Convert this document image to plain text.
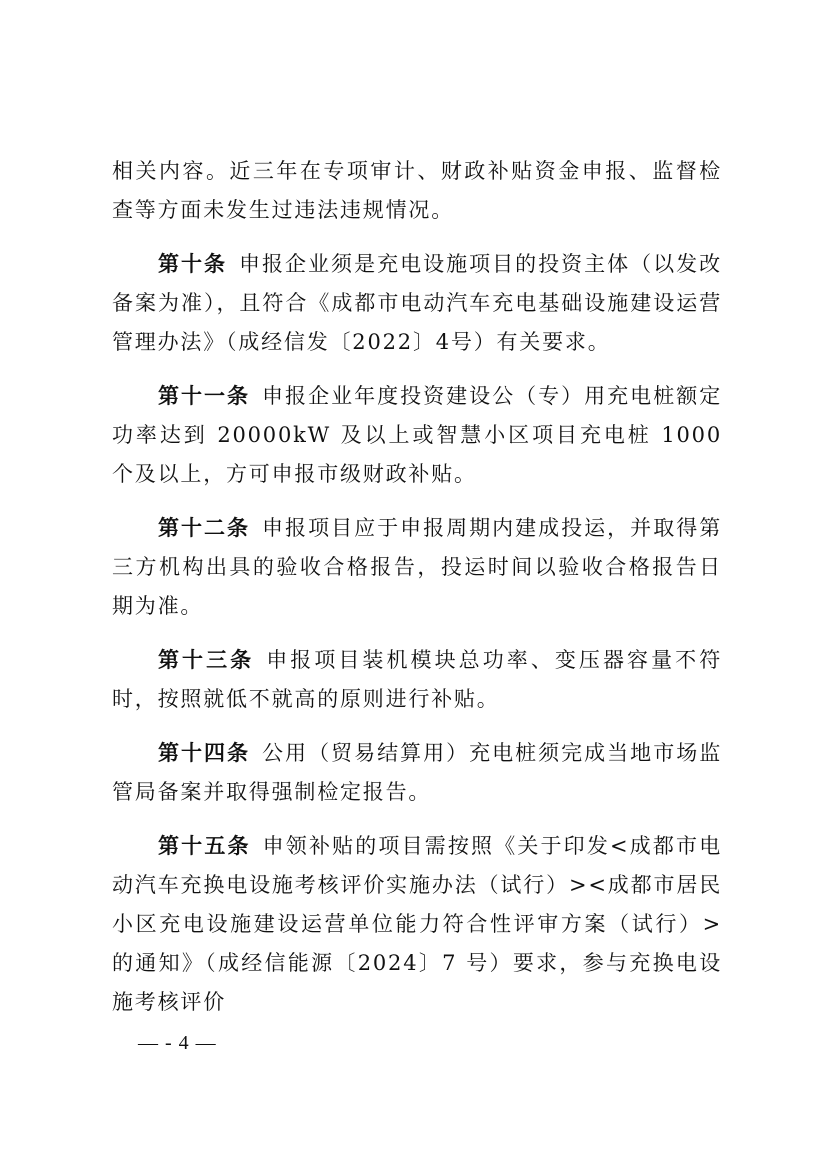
相关内容。近三年在专项审计、财政补贴资金申报、监督检查等方面未发生过违法违规情况。

第十条 申报企业须是充电设施项目的投资主体（以发改备案为准），且符合《成都市电动汽车充电基础设施建设运营管理办法》（成经信发〔2022〕4号）有关要求。

第十一条 申报企业年度投资建设公（专）用充电桩额定功率达到 20000kW 及以上或智慧小区项目充电桩 1000 个及以上，方可申报市级财政补贴。

第十二条 申报项目应于申报周期内建成投运，并取得第三方机构出具的验收合格报告，投运时间以验收合格报告日期为准。

第十三条 申报项目装机模块总功率、变压器容量不符时，按照就低不就高的原则进行补贴。

第十四条 公用（贸易结算用）充电桩须完成当地市场监管局备案并取得强制检定报告。

第十五条 申领补贴的项目需按照《关于印发<成都市电动汽车充换电设施考核评价实施办法（试行）><成都市居民小区充电设施建设运营单位能力符合性评审方案（试行）>的通知》（成经信能源〔2024〕7 号）要求，参与充换电设施考核评价

— - 4 —
